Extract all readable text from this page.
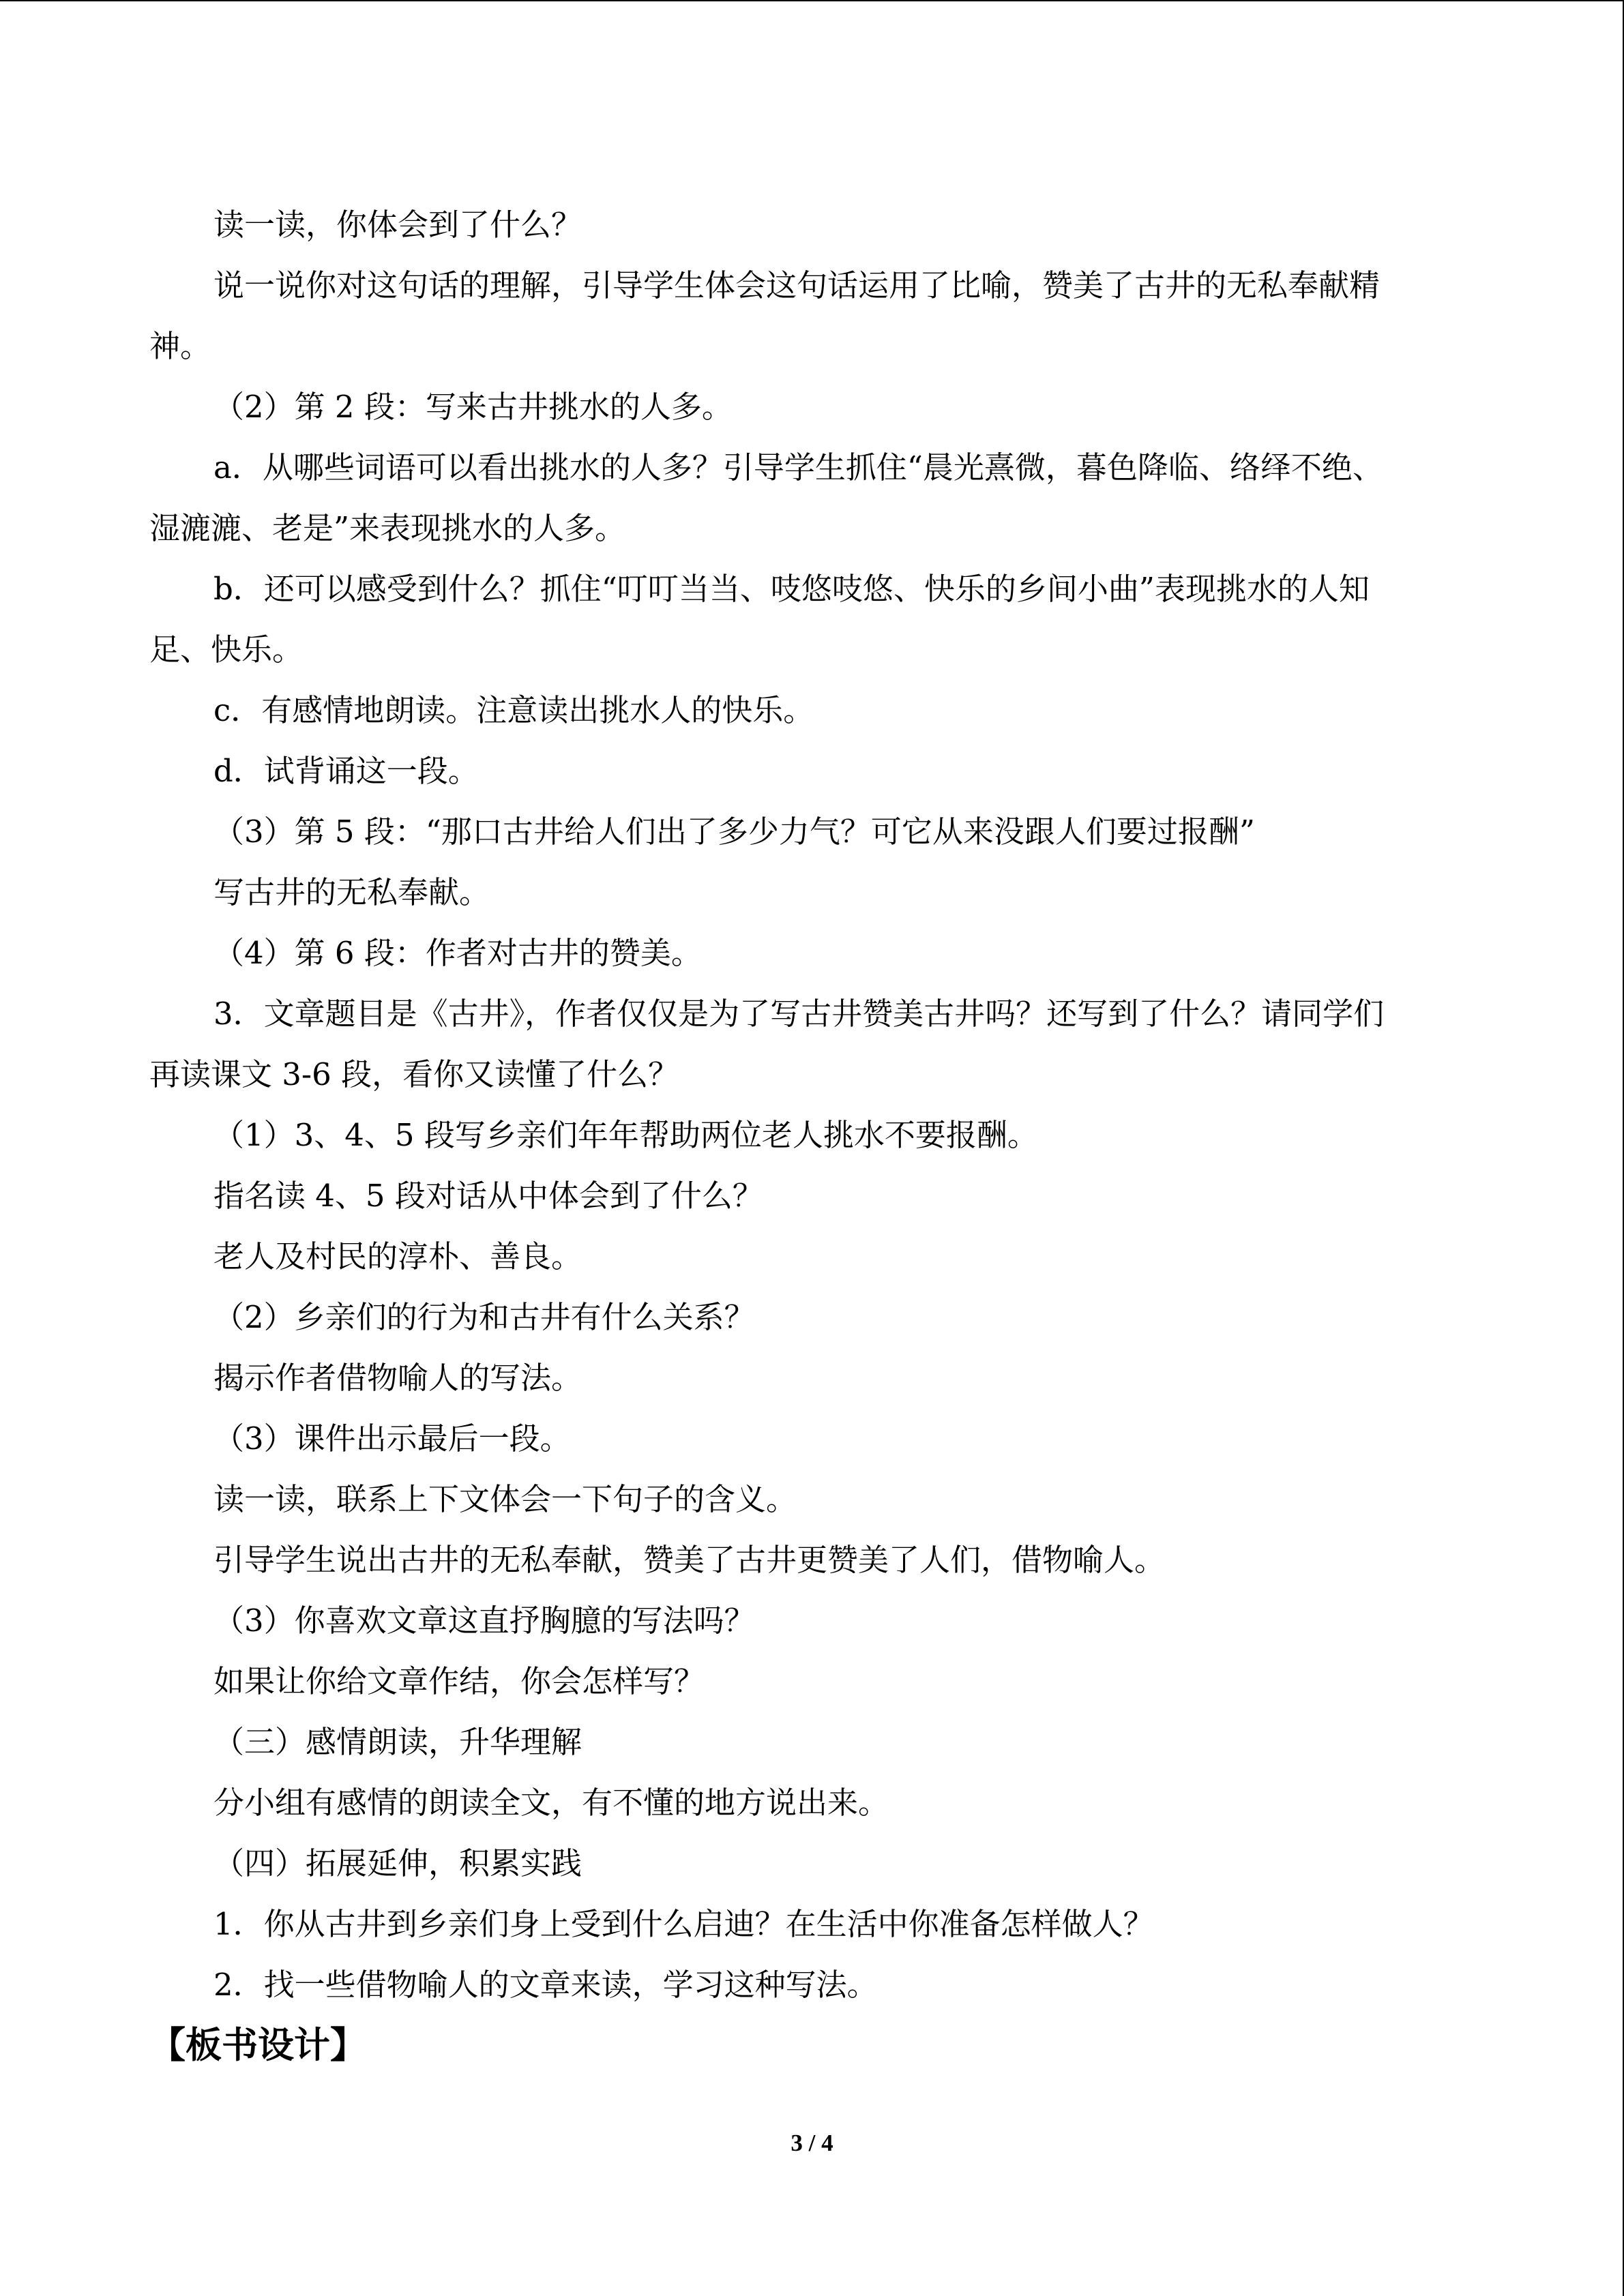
读一读，你体会到了什么？
说一说你对这句话的理解，引导学生体会这句话运用了比喻，赞美了古井的无私奉献精
神。
（2）第 2 段：写来古井挑水的人多。
a．从哪些词语可以看出挑水的人多？引导学生抓住“晨光熹微，暮色降临、络绎不绝、
湿漉漉、老是”来表现挑水的人多。
b．还可以感受到什么？抓住“叮叮当当、吱悠吱悠、快乐的乡间小曲”表现挑水的人知
足、快乐。
c．有感情地朗读。注意读出挑水人的快乐。
d．试背诵这一段。
（3）第 5 段：“那口古井给人们出了多少力气？可它从来没跟人们要过报酬”
写古井的无私奉献。
（4）第 6 段：作者对古井的赞美。
3．文章题目是《古井》，作者仅仅是为了写古井赞美古井吗？还写到了什么？请同学们
再读课文 3-6 段，看你又读懂了什么？
（1）3、4、5 段写乡亲们年年帮助两位老人挑水不要报酬。
指名读 4、5 段对话从中体会到了什么？
老人及村民的淳朴、善良。
（2）乡亲们的行为和古井有什么关系？
揭示作者借物喻人的写法。
（3）课件出示最后一段。
读一读，联系上下文体会一下句子的含义。
引导学生说出古井的无私奉献，赞美了古井更赞美了人们，借物喻人。
（3）你喜欢文章这直抒胸臆的写法吗？
如果让你给文章作结，你会怎样写？
（三）感情朗读，升华理解
分小组有感情的朗读全文，有不懂的地方说出来。
（四）拓展延伸，积累实践
1．你从古井到乡亲们身上受到什么启迪？在生活中你准备怎样做人？
2．找一些借物喻人的文章来读，学习这种写法。
【板书设计】
3 / 4
